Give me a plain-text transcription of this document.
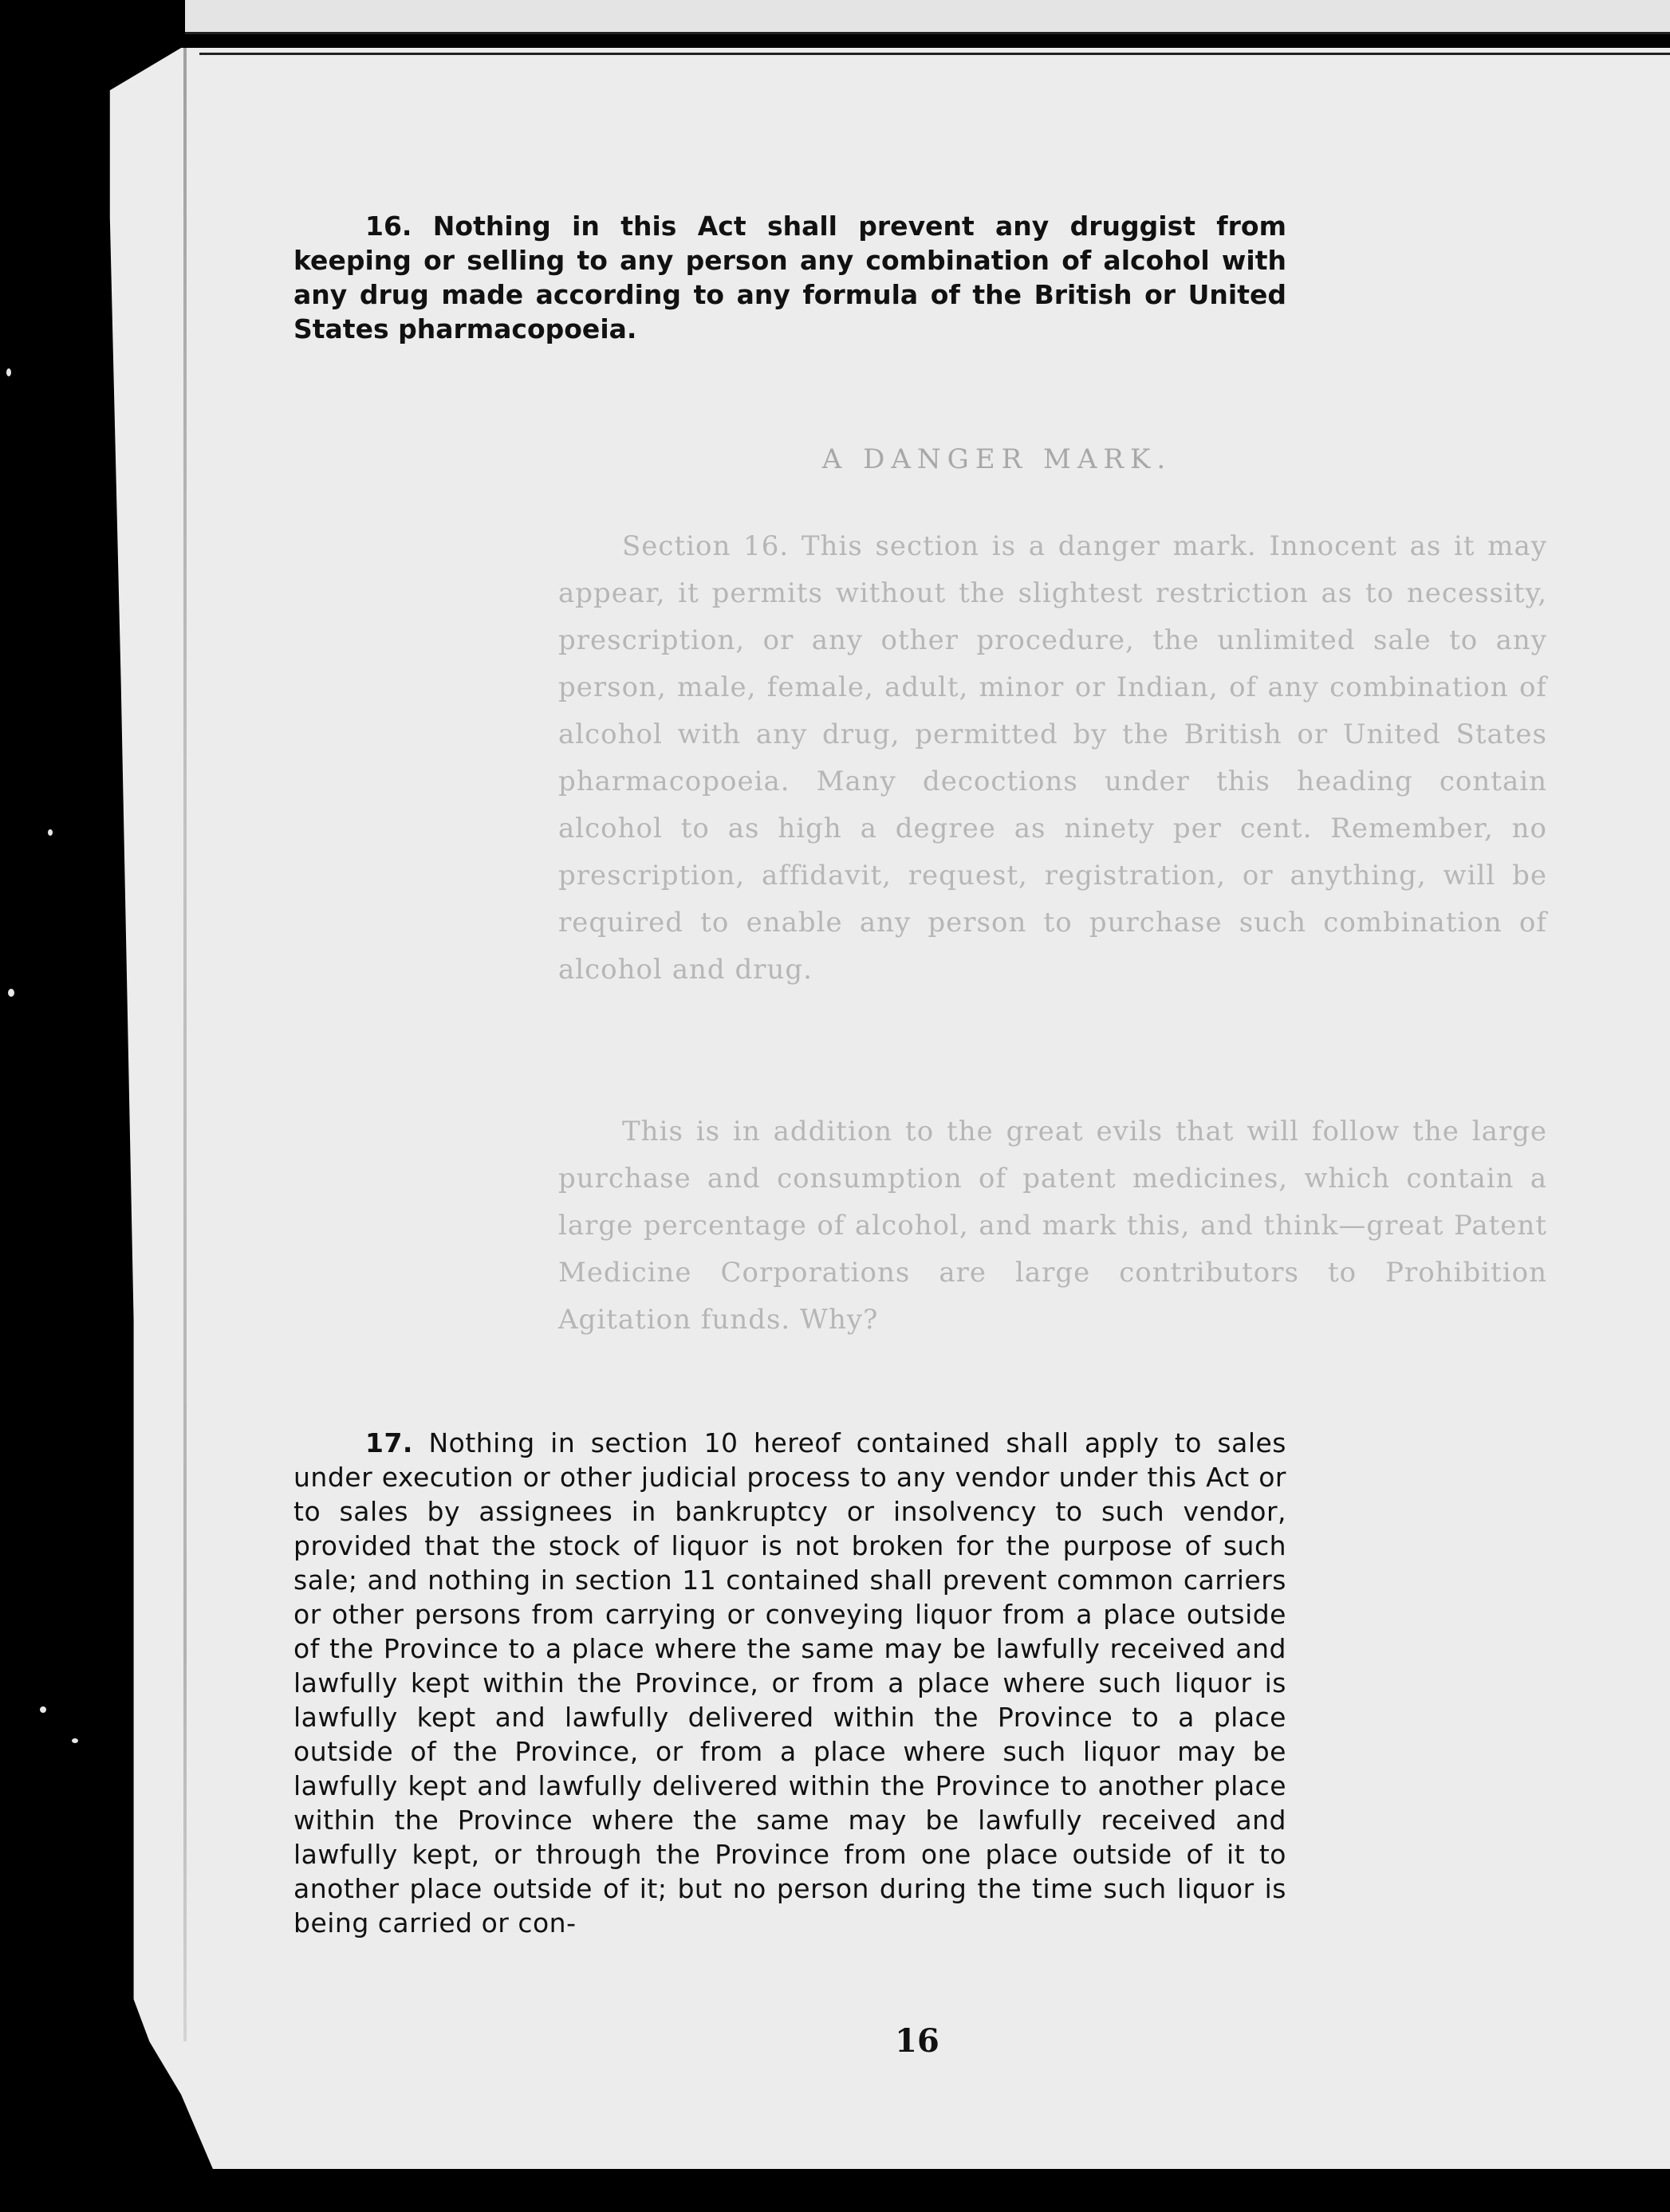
16. Nothing in this Act shall prevent any druggist from keeping or selling to any person any combination of alcohol with any drug made according to any formula of the British or United States pharmacopoeia.

A DANGER MARK.

Section 16. This section is a danger mark. Innocent as it may appear, it permits without the slightest restriction as to necessity, prescription, or any other procedure, the unlimited sale to any person, male, female, adult, minor or Indian, of any combination of alcohol with any drug, permitted by the British or United States pharmacopoeia. Many decoctions under this heading contain alcohol to as high a degree as ninety per cent. Remember, no prescription, affidavit, request, registration, or anything, will be required to enable any person to purchase such combination of alcohol and drug.

This is in addition to the great evils that will follow the large purchase and consumption of patent medicines, which contain a large percentage of alcohol, and mark this, and think—great Patent Medicine Corporations are large contributors to Prohibition Agitation funds. Why?

17. Nothing in section 10 hereof contained shall apply to sales under execution or other judicial process to any vendor under this Act or to sales by assignees in bankruptcy or insolvency to such vendor, provided that the stock of liquor is not broken for the purpose of such sale; and nothing in section 11 contained shall prevent common carriers or other persons from carrying or conveying liquor from a place outside of the Province to a place where the same may be lawfully received and lawfully kept within the Province, or from a place where such liquor is lawfully kept and lawfully delivered within the Province to a place outside of the Province, or from a place where such liquor may be lawfully kept and lawfully delivered within the Province to another place within the Province where the same may be lawfully received and lawfully kept, or through the Province from one place outside of it to another place outside of it; but no person during the time such liquor is being carried or con-

16
